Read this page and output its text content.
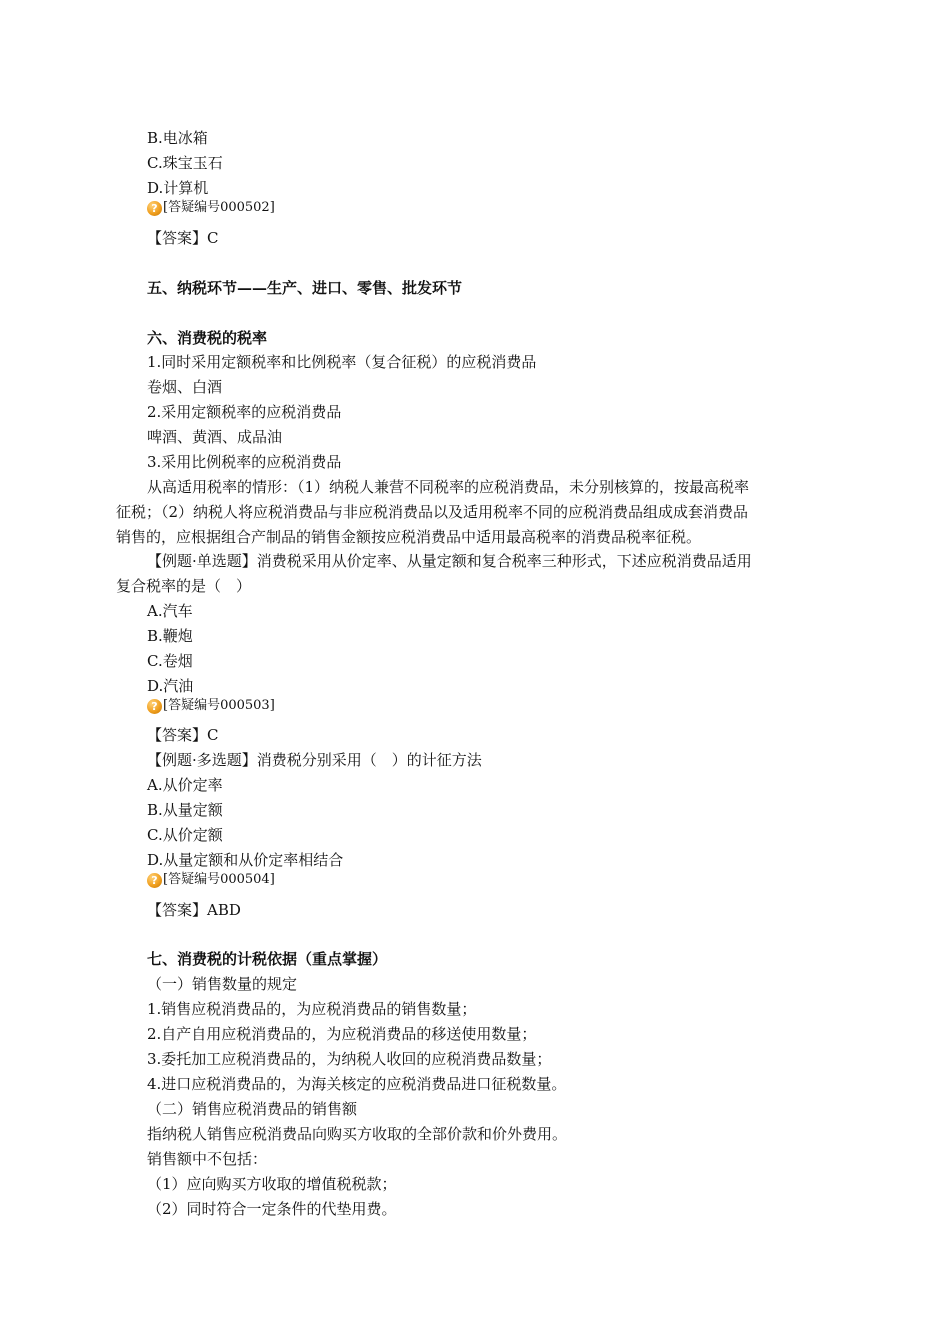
B.电冰箱
C.珠宝玉石
D.计算机
? [答疑编号000502]
【答案】C
五、纳税环节——生产、进口、零售、批发环节
六、消费税的税率
1.同时采用定额税率和比例税率（复合征税）的应税消费品
卷烟、白酒
2.采用定额税率的应税消费品
啤酒、黄酒、成品油
3.采用比例税率的应税消费品
从高适用税率的情形：（1）纳税人兼营不同税率的应税消费品，未分别核算的，按最高税率
征税；（2）纳税人将应税消费品与非应税消费品以及适用税率不同的应税消费品组成成套消费品
销售的，应根据组合产制品的销售金额按应税消费品中适用最高税率的消费品税率征税。
【例题·单选题】消费税采用从价定率、从量定额和复合税率三种形式，下述应税消费品适用
复合税率的是（　）
A.汽车
B.鞭炮
C.卷烟
D.汽油
? [答疑编号000503]
【答案】C
【例题·多选题】消费税分别采用（　）的计征方法
A.从价定率
B.从量定额
C.从价定额
D.从量定额和从价定率相结合
? [答疑编号000504]
【答案】ABD
七、消费税的计税依据（重点掌握）
（一）销售数量的规定
1.销售应税消费品的，为应税消费品的销售数量；
2.自产自用应税消费品的，为应税消费品的移送使用数量；
3.委托加工应税消费品的，为纳税人收回的应税消费品数量；
4.进口应税消费品的，为海关核定的应税消费品进口征税数量。
（二）销售应税消费品的销售额
指纳税人销售应税消费品向购买方收取的全部价款和价外费用。
销售额中不包括：
（1）应向购买方收取的增值税税款；
（2）同时符合一定条件的代垫用费。
